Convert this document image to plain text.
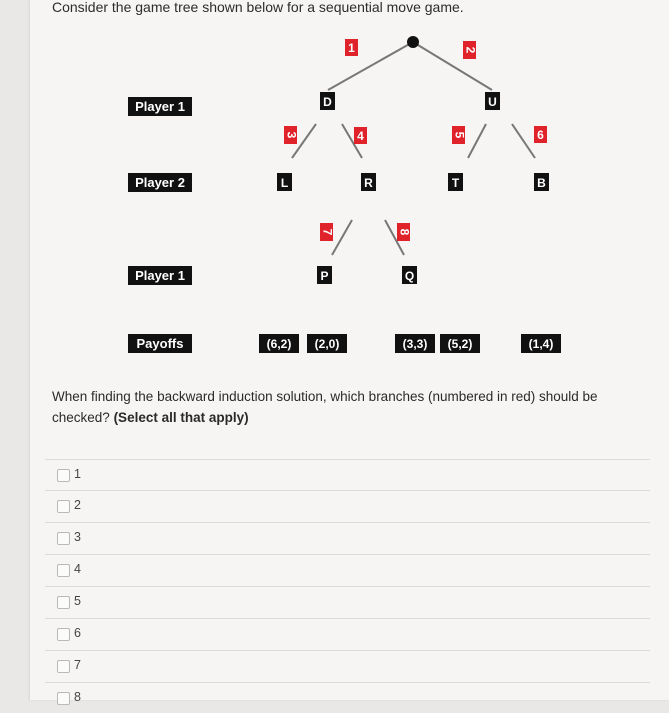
Consider the game tree shown below for a sequential move game.
Player 1
Player 2
Player 1
Payoffs
1	2
3	4	5	6
7	8
D	U
L	R	T	B
P	Q
(6,2) (2,0)	(3,3) (5,2)	(1,4)
When finding the backward induction solution, which branches (numbered in red) should be checked? (Select all that apply)
1
2
3
4
5
6
7
8
